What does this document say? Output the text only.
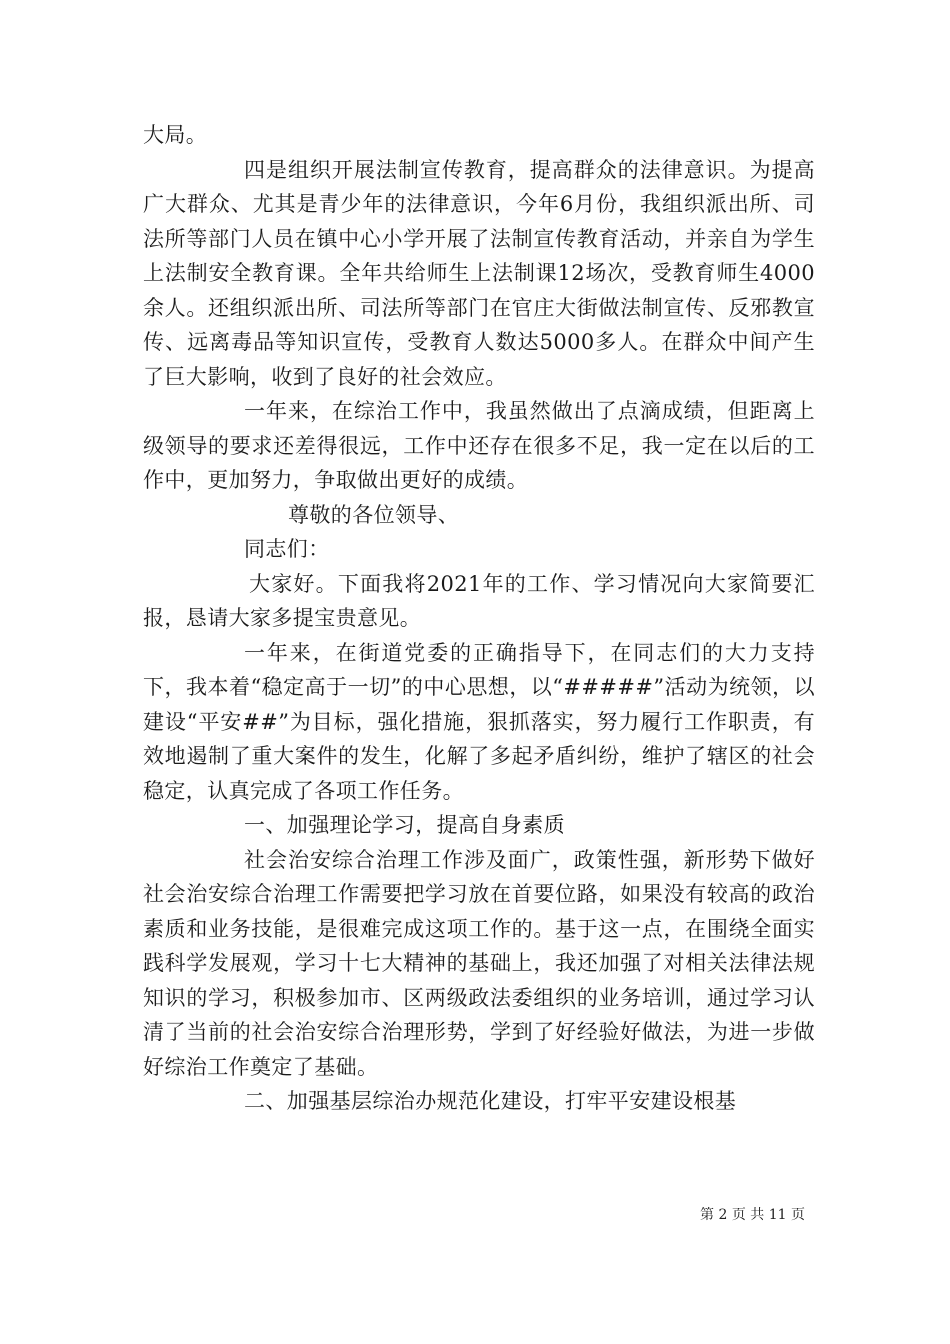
大局。

四是组织开展法制宣传教育，提高群众的法律意识。为提高广大群众、尤其是青少年的法律意识，今年6月份，我组织派出所、司法所等部门人员在镇中心小学开展了法制宣传教育活动，并亲自为学生上法制安全教育课。全年共给师生上法制课12场次，受教育师生4000余人。还组织派出所、司法所等部门在官庄大街做法制宣传、反邪教宣传、远离毒品等知识宣传，受教育人数达5000多人。在群众中间产生了巨大影响，收到了良好的社会效应。

一年来，在综治工作中，我虽然做出了点滴成绩，但距离上级领导的要求还差得很远，工作中还存在很多不足，我一定在以后的工作中，更加努力，争取做出更好的成绩。

尊敬的各位领导、

同志们：

大家好。下面我将2021年的工作、学习情况向大家简要汇报，恳请大家多提宝贵意见。

一年来，在街道党委的正确指导下，在同志们的大力支持下，我本着“稳定高于一切”的中心思想，以“#####”活动为统领，以建设“平安##”为目标，强化措施，狠抓落实，努力履行工作职责，有效地遏制了重大案件的发生，化解了多起矛盾纠纷，维护了辖区的社会稳定，认真完成了各项工作任务。

一、加强理论学习，提高自身素质

社会治安综合治理工作涉及面广，政策性强，新形势下做好社会治安综合治理工作需要把学习放在首要位路，如果没有较高的政治素质和业务技能，是很难完成这项工作的。基于这一点，在围绕全面实践科学发展观，学习十七大精神的基础上，我还加强了对相关法律法规知识的学习，积极参加市、区两级政法委组织的业务培训，通过学习认清了当前的社会治安综合治理形势，学到了好经验好做法，为进一步做好综治工作奠定了基础。

二、加强基层综治办规范化建设，打牢平安建设根基

第 2 页 共 11 页
